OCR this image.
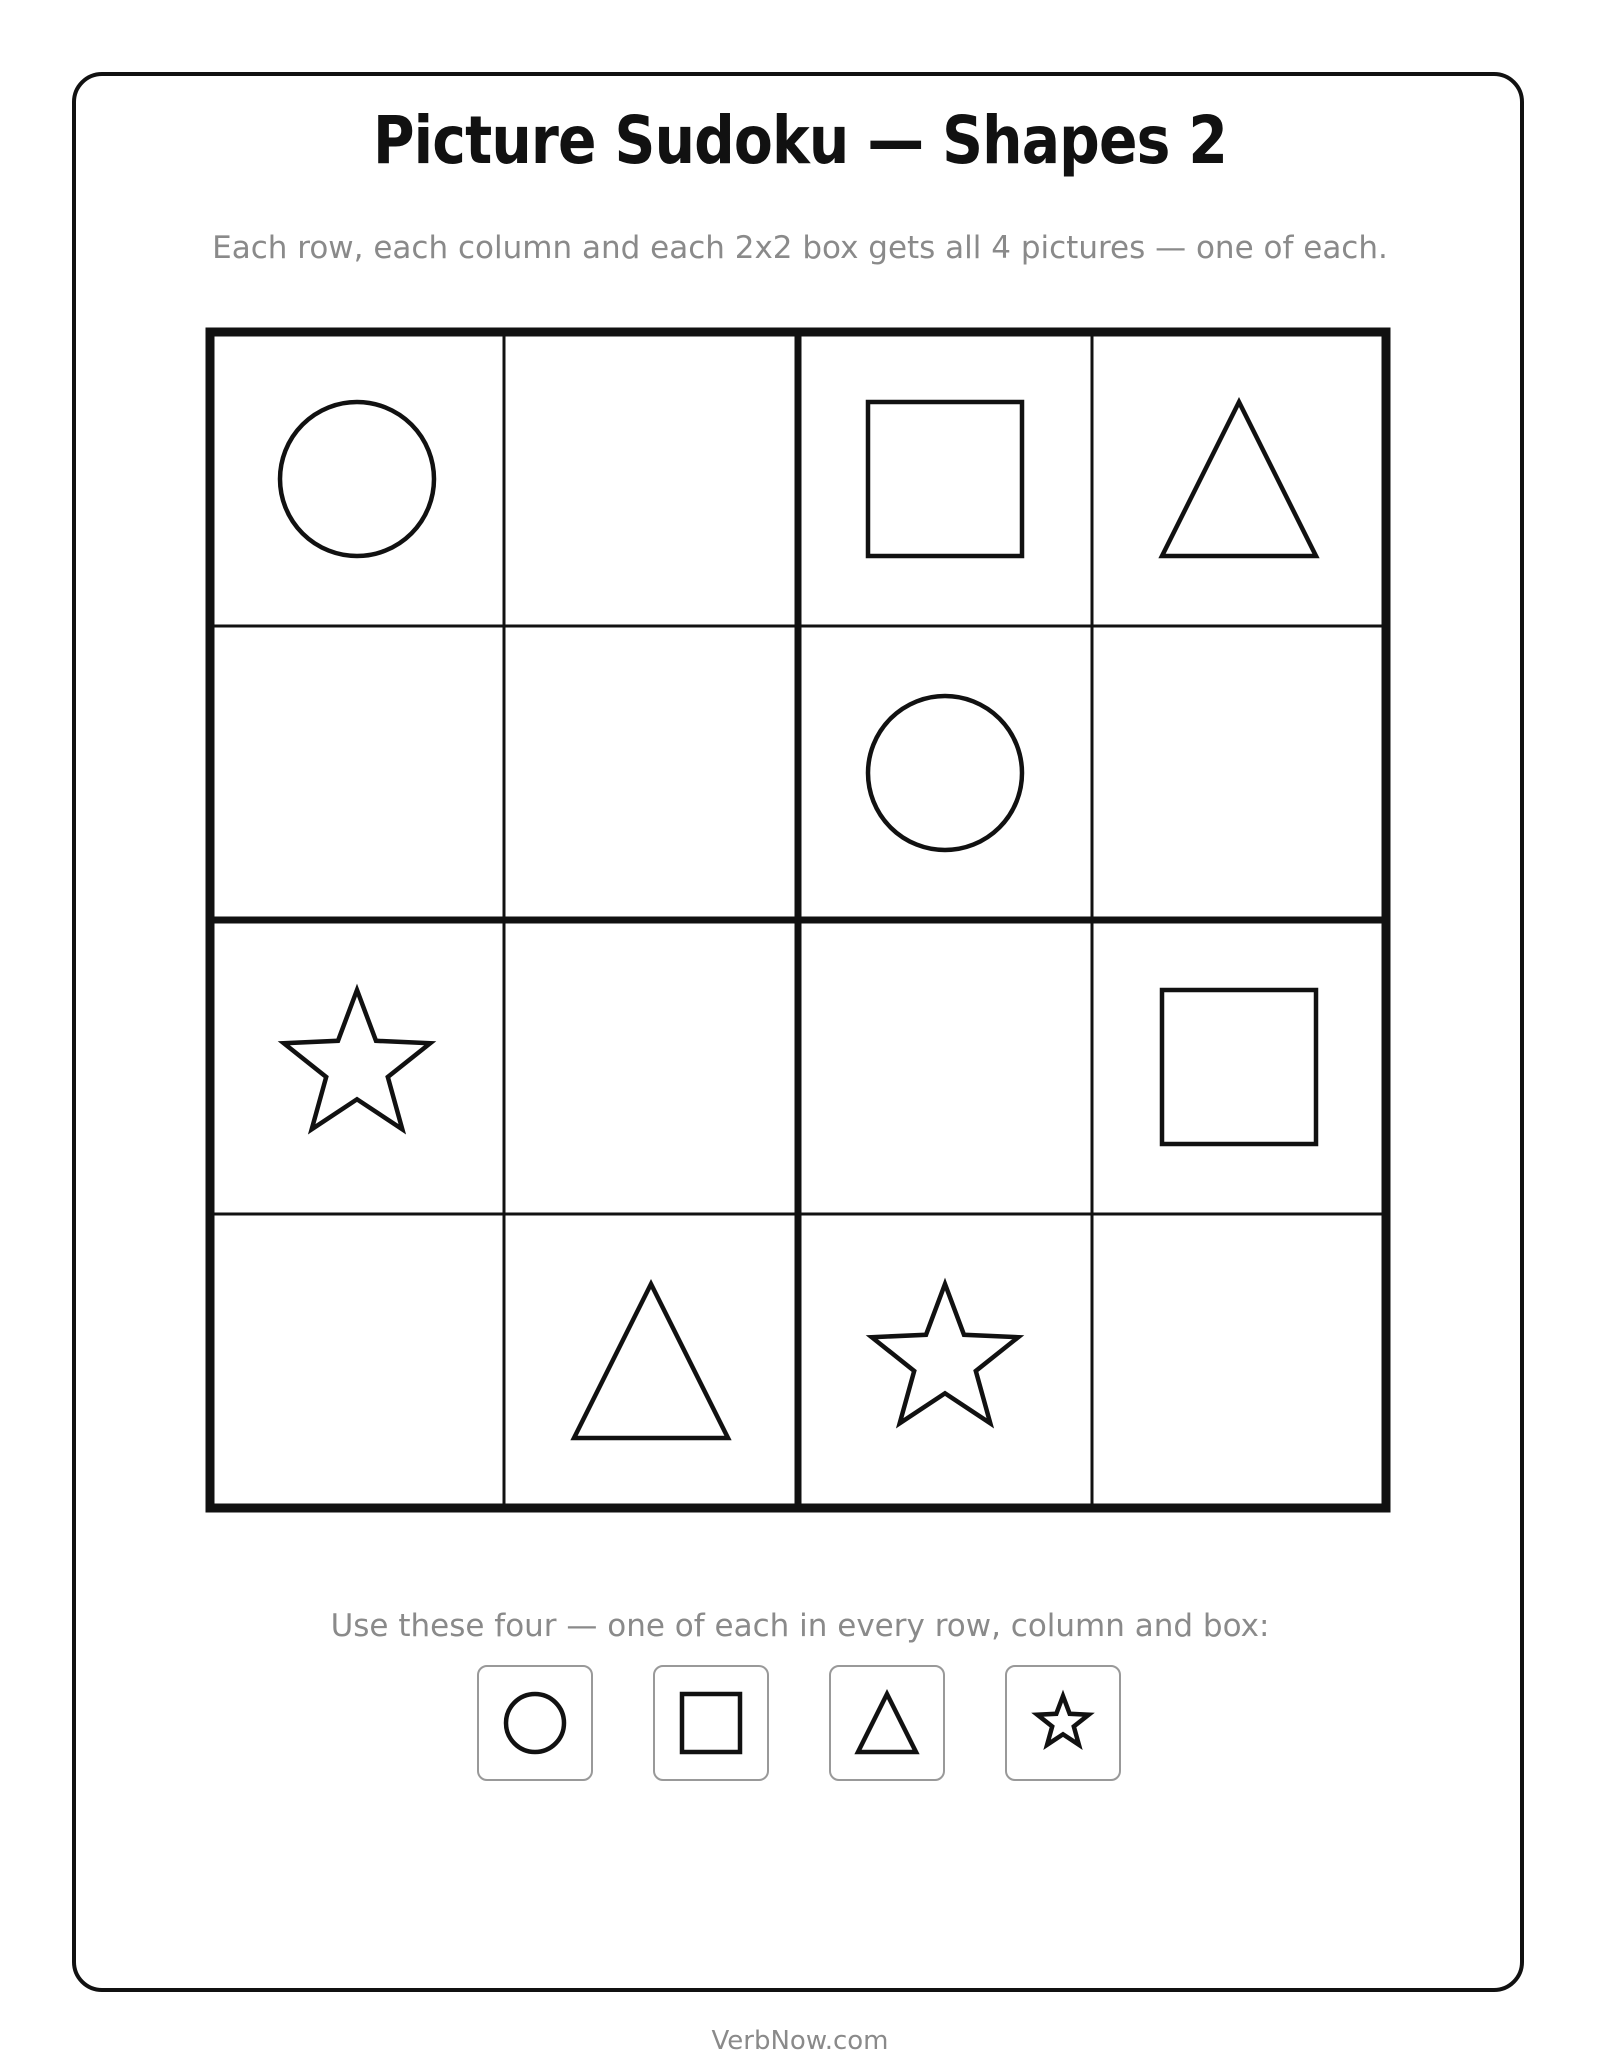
Picture Sudoku — Shapes 2
Each row, each column and each 2x2 box gets all 4 pictures — one of each.
Use these four — one of each in every row, column and box:
VerbNow.com
